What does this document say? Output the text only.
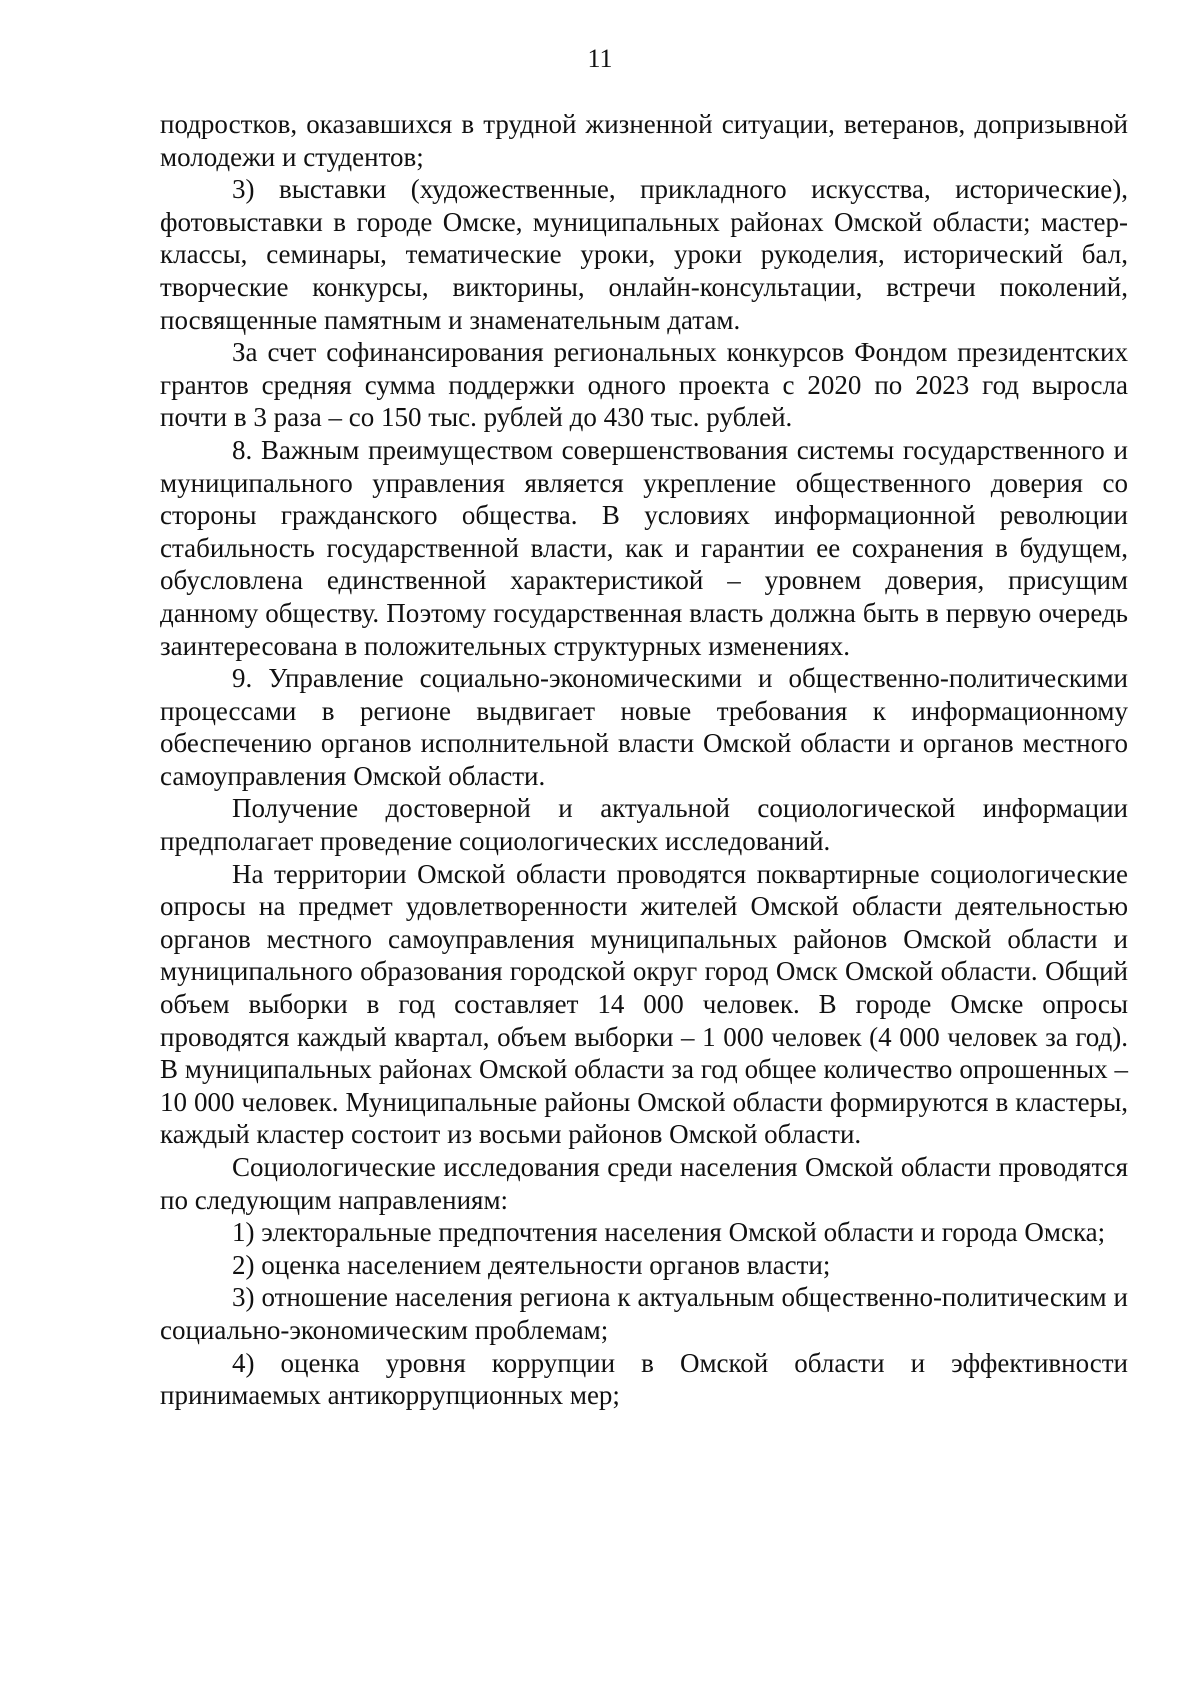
11

подростков, оказавшихся в трудной жизненной ситуации, ветеранов, допризывной молодежи и студентов;

3) выставки (художественные, прикладного искусства, исторические), фотовыставки в городе Омске, муниципальных районах Омской области; мастер-классы, семинары, тематические уроки, уроки рукоделия, исторический бал, творческие конкурсы, викторины, онлайн-консультации, встречи поколений, посвященные памятным и знаменательным датам.

За счет софинансирования региональных конкурсов Фондом президентских грантов средняя сумма поддержки одного проекта с 2020 по 2023 год выросла почти в 3 раза – со 150 тыс. рублей до 430 тыс. рублей.

8. Важным преимуществом совершенствования системы государственного и муниципального управления является укрепление общественного доверия со стороны гражданского общества. В условиях информационной революции стабильность государственной власти, как и гарантии ее сохранения в будущем, обусловлена единственной характеристикой – уровнем доверия, присущим данному обществу. Поэтому государственная власть должна быть в первую очередь заинтересована в положительных структурных изменениях.

9. Управление социально-экономическими и общественно-политическими процессами в регионе выдвигает новые требования к информационному обеспечению органов исполнительной власти Омской области и органов местного самоуправления Омской области.

Получение достоверной и актуальной социологической информации предполагает проведение социологических исследований.

На территории Омской области проводятся поквартирные социологические опросы на предмет удовлетворенности жителей Омской области деятельностью органов местного самоуправления муниципальных районов Омской области и муниципального образования городской округ город Омск Омской области. Общий объем выборки в год составляет 14 000 человек. В городе Омске опросы проводятся каждый квартал, объем выборки – 1 000 человек (4 000 человек за год). В муниципальных районах Омской области за год общее количество опрошенных – 10 000 человек. Муниципальные районы Омской области формируются в кластеры, каждый кластер состоит из восьми районов Омской области.

Социологические исследования среди населения Омской области проводятся по следующим направлениям:

1) электоральные предпочтения населения Омской области и города Омска;

2) оценка населением деятельности органов власти;

3) отношение населения региона к актуальным общественно-политическим и социально-экономическим проблемам;

4) оценка уровня коррупции в Омской области и эффективности принимаемых антикоррупционных мер;
